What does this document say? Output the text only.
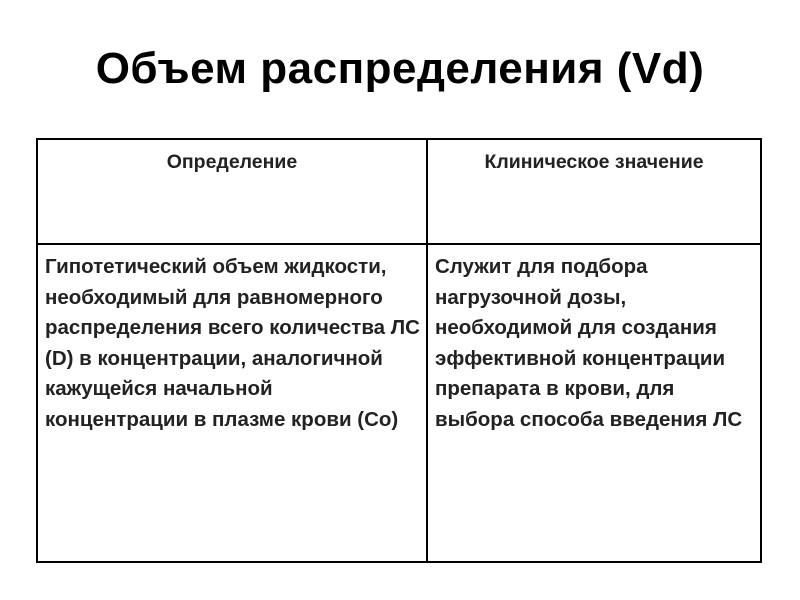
Объем распределения (Vd)
Определение	Клиническое значение
Гипотетический объем жидкости, необходимый для равномерного распределения всего количества ЛС (D) в концентрации, аналогичной кажущейся начальной концентрации в плазме крови (Со)	Служит для подбора нагрузочной дозы, необходимой для создания эффективной концентрации препарата в крови, для выбора способа введения ЛС
